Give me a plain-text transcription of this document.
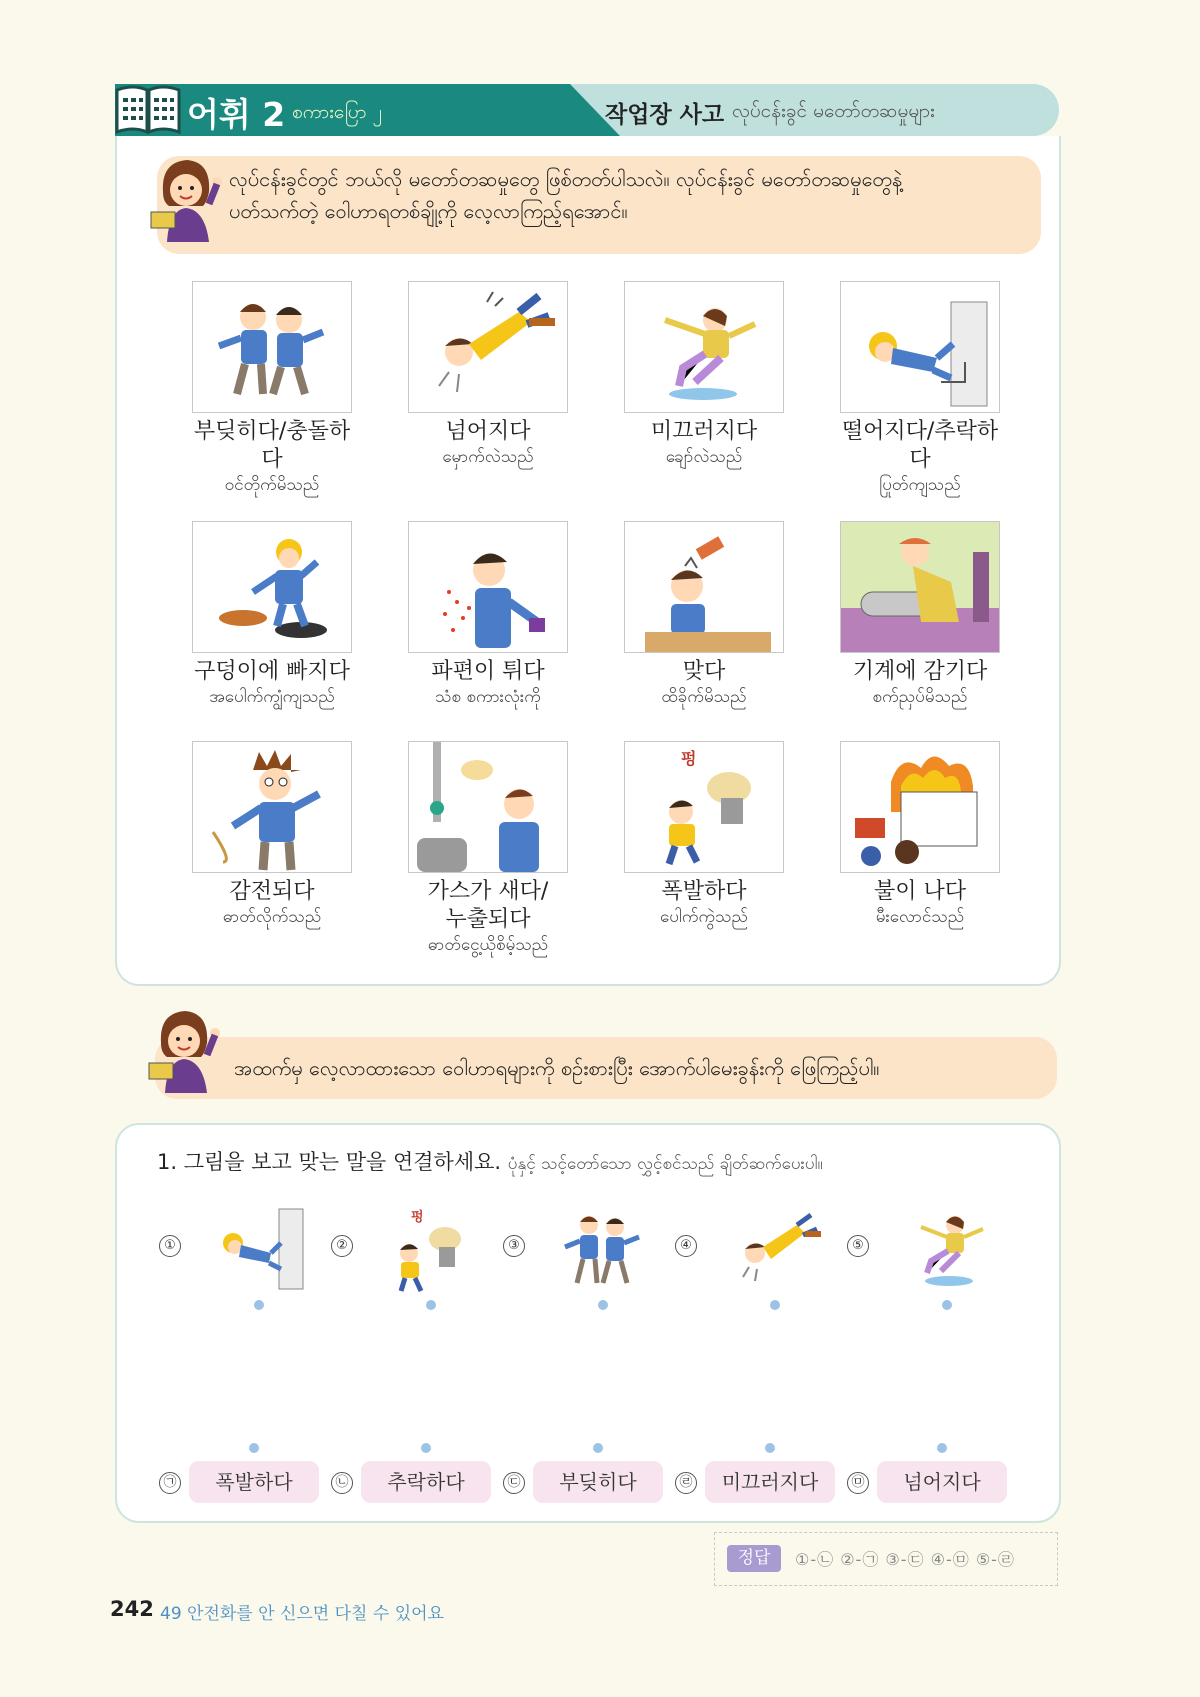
어휘 2 စကားပြော ၂	작업장 사고 လုပ်ငန်းခွင် မတော်တဆမှုများ
လုပ်ငန်းခွင်တွင် ဘယ်လို မတော်တဆမှုတွေ ဖြစ်တတ်ပါသလဲ။ လုပ်ငန်းခွင် မတော်တဆမှုတွေနဲ့
ပတ်သက်တဲ့ ဝေါဟာရတစ်ချို့ကို လေ့လာကြည့်ရအောင်။
부딪히다/충돌하다
ဝင်တိုက်မိသည်
넘어지다
မှောက်လဲသည်
미끄러지다
ချော်လဲသည်
떨어지다/추락하다
ပြုတ်ကျသည်
구덩이에 빠지다
အပေါက်ကျွံကျသည်
파편이 튀다
သံစ စကားလုံးကို
맞다
ထိခိုက်မိသည်
기계에 감기다
စက်ညှပ်မိသည်
감전되다
ဓာတ်လိုက်သည်
가스가 새다/
누출되다
ဓာတ်ငွေ့ယိုစိမ့်သည်
펑
폭발하다
ပေါက်ကွဲသည်
불이 나다
မီးလောင်သည်
အထက်မှ လေ့လာထားသော ဝေါဟာရများကို စဉ်းစားပြီး အောက်ပါမေးခွန်းကို ဖြေကြည့်ပါ။
1. 그림을 보고 맞는 말을 연결하세요. ပုံနှင့် သင့်တော်သော လွှင့်စင်သည် ချိတ်ဆက်ပေးပါ။
①	②
펑
③	④	⑤
㉠	폭발하다	㉡	추락하다	㉢	부딪히다	㉣	미끄러지다	㉤	넘어지다
정답	①-㉡ ②-㉠ ③-㉢ ④-㉤ ⑤-㉣
242 49 안전화를 안 신으면 다칠 수 있어요
